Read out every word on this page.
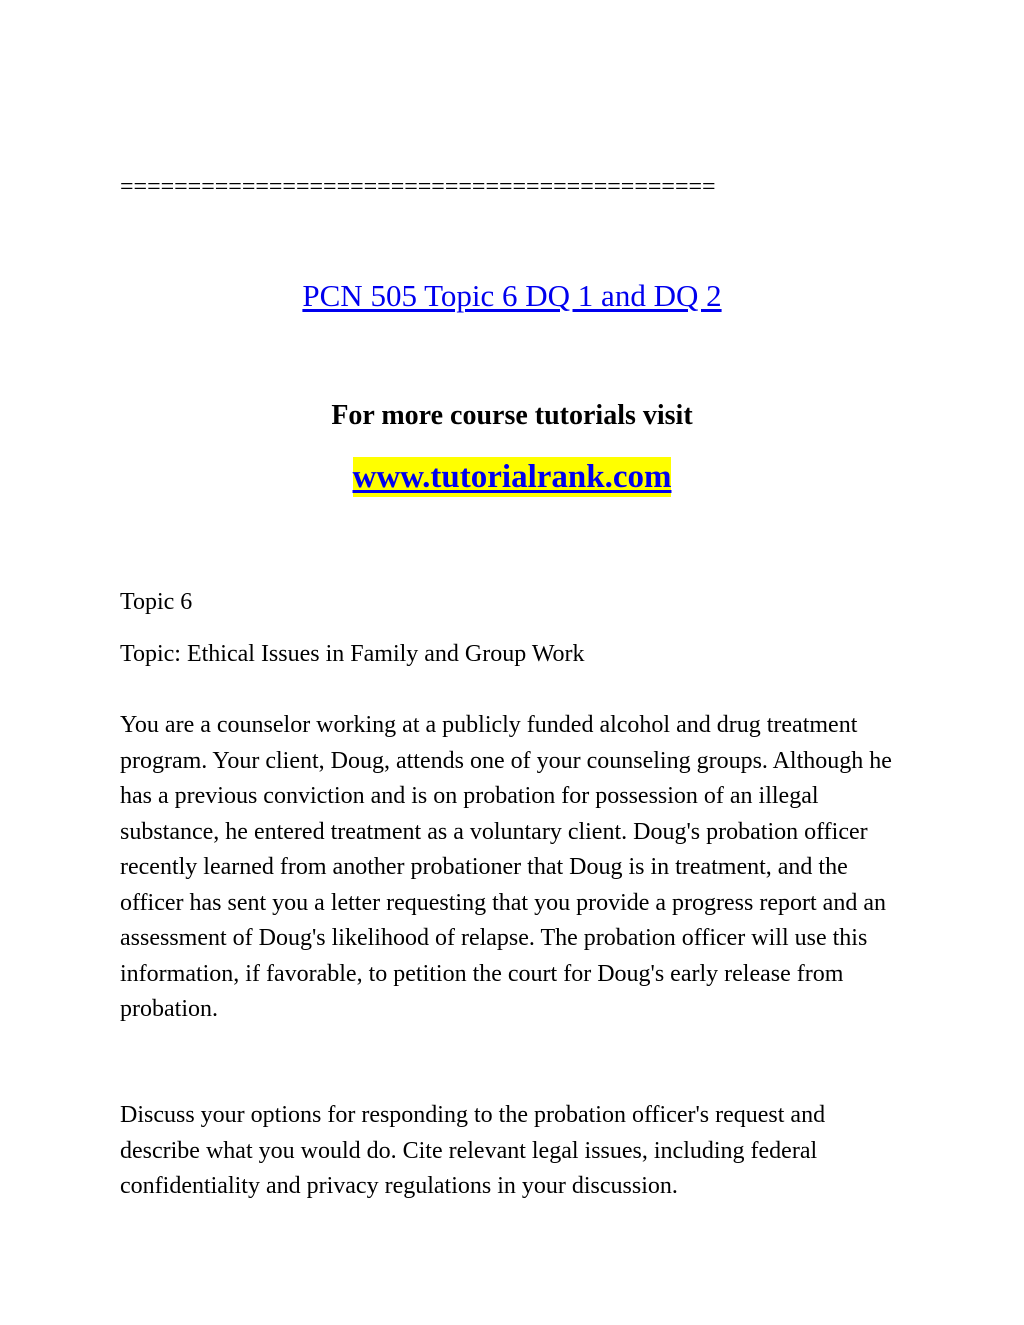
============================================
PCN 505 Topic 6 DQ 1 and DQ 2
For more course tutorials visit
www.tutorialrank.com
Topic 6
Topic: Ethical Issues in Family and Group Work

You are a counselor working at a publicly funded alcohol and drug treatment program. Your client, Doug, attends one of your counseling groups. Although he has a previous conviction and is on probation for possession of an illegal substance, he entered treatment as a voluntary client. Doug's probation officer recently learned from another probationer that Doug is in treatment, and the officer has sent you a letter requesting that you provide a progress report and an assessment of Doug's likelihood of relapse. The probation officer will use this information, if favorable, to petition the court for Doug's early release from probation.

Discuss your options for responding to the probation officer's request and describe what you would do. Cite relevant legal issues, including federal confidentiality and privacy regulations in your discussion.
